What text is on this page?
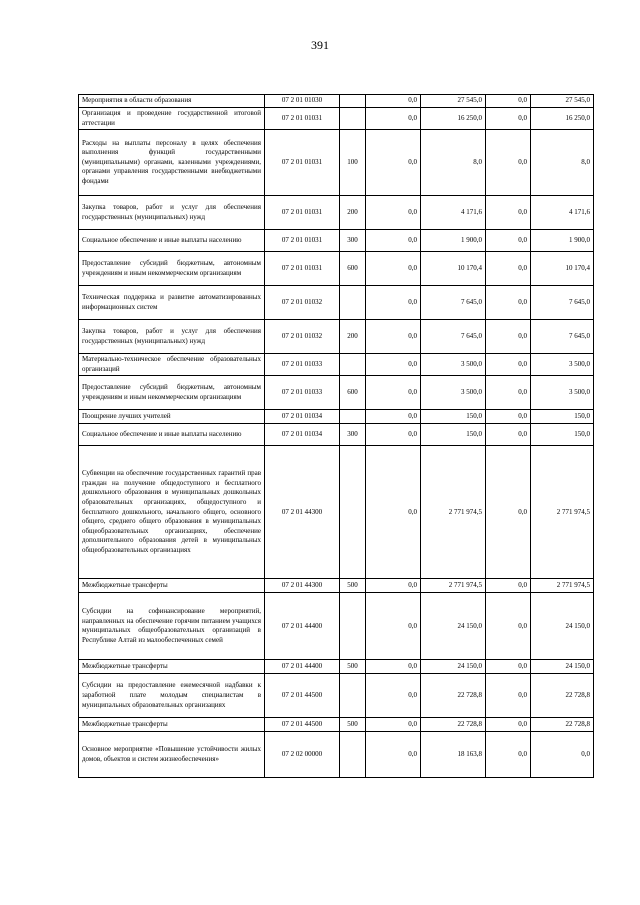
391
Мероприятия в области образования	07 2 01 01030		0,0	27 545,0	0,0	27 545,0
Организация и проведение государственной итоговой аттестации	07 2 01 01031		0,0	16 250,0	0,0	16 250,0
Расходы на выплаты персоналу в целях обеспечения выполнения функций государственными (муниципальными) органами, казенными учреждениями, органами управления государственными внебюджетными фондами	07 2 01 01031	100	0,0	8,0	0,0	8,0
Закупка товаров, работ и услуг для обеспечения государственных (муниципальных) нужд	07 2 01 01031	200	0,0	4 171,6	0,0	4 171,6
Социальное обеспечение и иные выплаты населению	07 2 01 01031	300	0,0	1 900,0	0,0	1 900,0
Предоставление субсидий бюджетным, автономным учреждениям и иным некоммерческим организациям	07 2 01 01031	600	0,0	10 170,4	0,0	10 170,4
Техническая поддержка и развитие автоматизированных информационных систем	07 2 01 01032		0,0	7 645,0	0,0	7 645,0
Закупка товаров, работ и услуг для обеспечения государственных (муниципальных) нужд	07 2 01 01032	200	0,0	7 645,0	0,0	7 645,0
Материально-техническое обеспечение образовательных организаций	07 2 01 01033		0,0	3 500,0	0,0	3 500,0
Предоставление субсидий бюджетным, автономным учреждениям и иным некоммерческим организациям	07 2 01 01033	600	0,0	3 500,0	0,0	3 500,0
Поощрение лучших учителей	07 2 01 01034		0,0	150,0	0,0	150,0
Социальное обеспечение и иные выплаты населению	07 2 01 01034	300	0,0	150,0	0,0	150,0
Субвенции на обеспечение государственных гарантий прав граждан на получение общедоступного и бесплатного дошкольного образования в муниципальных дошкольных образовательных организациях, общедоступного и бесплатного дошкольного, начального общего, основного общего, среднего общего образования в муниципальных общеобразовательных организациях, обеспечение дополнительного образования детей в муниципальных общеобразовательных организациях	07 2 01 44300		0,0	2 771 974,5	0,0	2 771 974,5
Межбюджетные трансферты	07 2 01 44300	500	0,0	2 771 974,5	0,0	2 771 974,5
Субсидии на софинансирование мероприятий, направленных на обеспечение горячим питанием учащихся муниципальных общеобразовательных организаций в Республике Алтай из малообеспеченных семей	07 2 01 44400		0,0	24 150,0	0,0	24 150,0
Межбюджетные трансферты	07 2 01 44400	500	0,0	24 150,0	0,0	24 150,0
Субсидии на предоставление ежемесячной надбавки к заработной плате молодым специалистам в муниципальных образовательных организациях	07 2 01 44500		0,0	22 728,8	0,0	22 728,8
Межбюджетные трансферты	07 2 01 44500	500	0,0	22 728,8	0,0	22 728,8
Основное мероприятие «Повышение устойчивости жилых домов, объектов и систем жизнеобеспечения»	07 2 02 00000		0,0	18 163,8	0,0	0,0
